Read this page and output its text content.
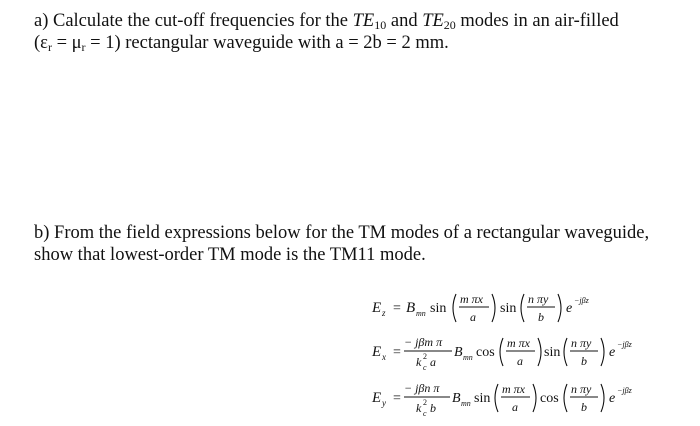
a) Calculate the cut-off frequencies for the $TE_{10}$ and $TE_{20}$ modes in an air-filled
$(\varepsilon_r = \mu_r = 1)$ rectangular waveguide with a = 2b = 2 mm.
b) From the field expressions below for the TM modes of a rectangular waveguide,
show that lowest-order TM mode is the TM11 mode.
E z = B mn sin
m πx
a
sin
n πy
b
e
−jβz
E x =
− jβm π
k 2
c a
B mn cos
m πx
a
sin
n πy
b
e
−jβz
E y =
− jβn π
k 2
c b
B mn sin
m πx
a
cos
n πy
b
e
−jβz
